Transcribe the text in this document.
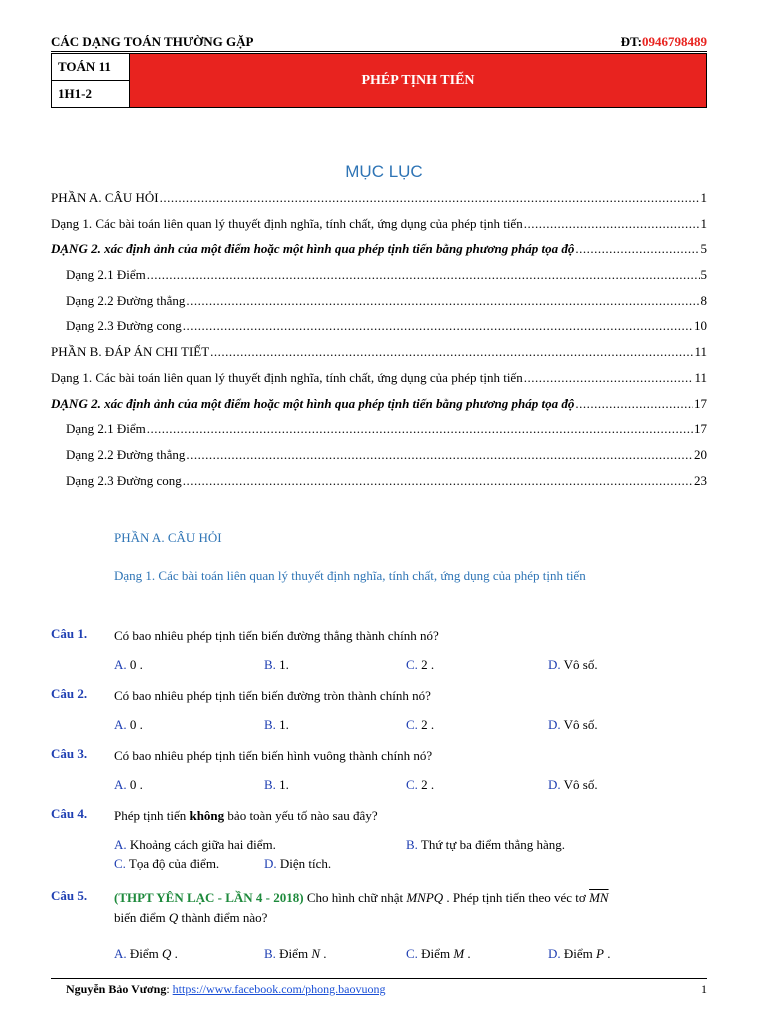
CÁC DẠNG TOÁN THƯỜNG GẶP	ĐT:0946798489
TOÁN 11
1H1-2
PHÉP TỊNH TIẾN
MỤC LỤC
PHẦN A. CÂU HỎI .....	1
Dạng 1. Các bài toán liên quan lý thuyết định nghĩa, tính chất, ứng dụng của phép tịnh tiến .....	1
DẠNG 2. xác định ảnh của một điểm hoặc một hình qua phép tịnh tiến bằng phương pháp tọa độ .....	5
Dạng 2.1 Điểm .....	5
Dạng 2.2 Đường thẳng .....	8
Dạng 2.3 Đường cong .....	10
PHẦN B. ĐÁP ÁN CHI TIẾT .....	11
Dạng 1. Các bài toán liên quan lý thuyết định nghĩa, tính chất, ứng dụng của phép tịnh tiến .....	11
DẠNG 2. xác định ảnh của một điểm hoặc một hình qua phép tịnh tiến bằng phương pháp tọa độ .....	17
Dạng 2.1 Điểm .....	17
Dạng 2.2 Đường thẳng .....	20
Dạng 2.3 Đường cong .....	23
PHẦN A. CÂU HỎI
Dạng 1. Các bài toán liên quan lý thuyết định nghĩa, tính chất, ứng dụng của phép tịnh tiến
Câu 1. Có bao nhiêu phép tịnh tiến biến đường thẳng thành chính nó?
A. 0 .	B. 1.	C. 2 .	D. Vô số.
Câu 2. Có bao nhiêu phép tịnh tiến biến đường tròn thành chính nó?
A. 0 .	B. 1.	C. 2 .	D. Vô số.
Câu 3. Có bao nhiêu phép tịnh tiến biến hình vuông thành chính nó?
A. 0 .	B. 1.	C. 2 .	D. Vô số.
Câu 4. Phép tịnh tiến không bảo toàn yếu tố nào sau đây?
A. Khoảng cách giữa hai điểm.	B. Thứ tự ba điểm thẳng hàng.
C. Tọa độ của điểm.	D. Diện tích.
Câu 5. (THPT YÊN LẠC - LẦN 4 - 2018) Cho hình chữ nhật MNPQ . Phép tịnh tiến theo véc tơ $\overline{MN}$
biến điểm Q thành điểm nào?
A. Điểm Q .	B. Điểm N .	C. Điểm M .	D. Điểm P .
Nguyễn Bảo Vương: https://www.facebook.com/phong.baovuong	1
